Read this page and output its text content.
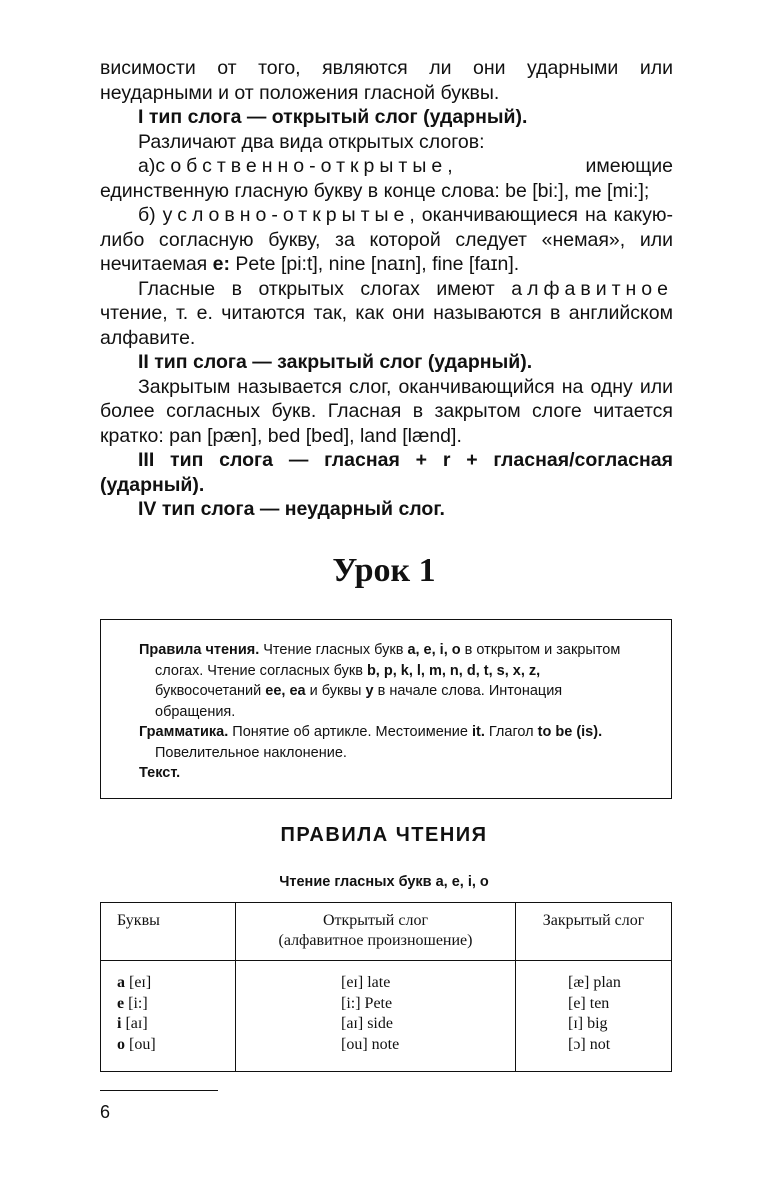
висимости от того, являются ли они ударными или неударными и от положения гласной буквы.

I тип слога — открытый слог (ударный).

Различают два вида открытых слогов:

а)собственно-открытые, имеющие единственную гласную букву в конце слова: be [bi:], me [mi:];

б) условно-открытые, оканчивающиеся на какую-либо согласную букву, за которой следует «немая», или нечитаемая e: Pete [pi:t], nine [naɪn], fine [faɪn].

Гласные в открытых слогах имеют алфавитное чтение, т. е. читаются так, как они называются в английском алфавите.

II тип слога — закрытый слог (ударный).

Закрытым называется слог, оканчивающийся на одну или более согласных букв. Гласная в закрытом слоге читается кратко: pan [pæn], bed [bed], land [lænd].

III тип слога — гласная + r + гласная/согласная (ударный).

IV тип слога — неударный слог.

Урок 1

Правила чтения. Чтение гласных букв a, e, i, o в открытом и закрытом слогах. Чтение согласных букв b, p, k, l, m, n, d, t, s, x, z, буквосочетаний ee, ea и буквы y в начале слова. Интонация обращения.

Грамматика. Понятие об артикле. Местоимение it. Глагол to be (is). Повелительное наклонение.

Текст.

ПРАВИЛА ЧТЕНИЯ
Чтение гласных букв a, e, i, o
Буквы	Открытый слог
(алфавитное произношение)
Закрытый слог
a [eɪ]
e [i:]
i [aɪ]
o [ou]
[eɪ] late
[i:] Pete
[aɪ] side
[ou] note
[æ] plan
[e] ten
[ɪ] big
[ɔ] not
6
